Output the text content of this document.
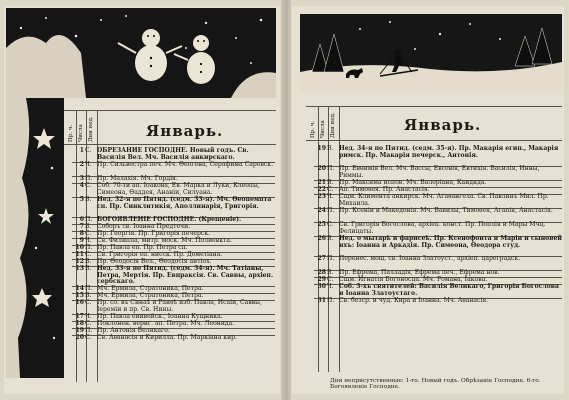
Январь.
Пр. ч. Числа Дни нед.
1 С. ОБРЕЗАНИЕ ГОСПОДНЕ. Новый годъ. Св. Василія Вел. Мч. Василія анкирскаго.
2 Ч. Пр. Сильвестра печ. Мч. Өеогена, Серафима Саровск.
3 П. Пр. Малахія. Мч. Гордія.
4 С. Соб. 70-ти ап. Іоакова, Ев. Марка и Луки, Клеопы, Симеона, Өаддея, Ананіи, Силуана.
5 В. Нед. 32-я по Пятид. (седм. 33-я). Мч. Өеопемпта сп. Пр. Синклитикія, Аполлинарія, Григорія.
6 П. БОГОЯВЛЕНІЕ ГОСПОДНЕ. (Крещеніе).
7 В. Соборъ св. Іоанна Предтечи.
8 С. Пр. Георгія. Пр. Григорія печерск.
9 Ч. Св. Филиппа, митр. моск. Мч. Полиевкта.
10 П. Пр. Павла еп. Пр. Петра сп.
11 С. Св. Григорія еп. нисск. Пр. Дометіана.
12 В. Пр. Өеодосія Вел., Өеодосія антіох.
13 В. Нед. 33-я по Пятид. (седм. 34-я). Мч. Татіаны, Петра, Мертія. Пр. Евпраксія. Св. Саввы, архіеп. сербскаго.
14 П. Мч. Ермила, Стратоника, Петра.
15 В. Мч. Ермила, Стратоника, Петра.
16 С. Пр. со. въ Синаѣ и Раиѳѣ изб. Павла, Исаіи, Саввы, Іереміи и пр. Св. Нины.
17 Ч. Пр. Павла еиивейск., Іоанна Кущника.
18 С. Поклонен. вериг. ап. Петра. Мч. Леонида.
19 П. Пр. Антонія Великаго.
20 С. Св. Аѳанасія и Кирилла. Пр. Маркіана кир.
Январь.
Пр. ч. Числа Дни нед.
19 В. Нед. 34-я по Пятид. (седм. 35-я). Пр. Макарія егип., Макарія римск. Пр. Макарія печерск., Антонія.
20 П. Пр. Евөимія Вел. Мч. Вассы, Евсевія, Евтихія. Василія, Инны, Риммы.
21 В. Пр. Максима испов. Мч. Валеріана, Кандида.
22 С. Ап. Тимоѳея. Пр. Анастасія.
23 Ч. Сщм. Климента анкирск. Мч. Агаѳангела. Св. Павлинъ Мил. Пр. Михаила.
24 П. Пр. Ксеніи и Македонія. Мч. Вавилы, Тимоѳея, Агапія, Анастасія.
25 С. Св. Григорія Богослова, архіеп. конст. Пр. Поплія и Мары Мчц. Фелицаты.
26 В. Нед. о мытарѣ и фарисеѣ. Пр. Ксенофонта и Маріи и сыновей ихъ: Іоанна и Аркадія. Пр. Симеона, Өеодора студ.
27 П. Перенес. мощ. св. Іоанна Златоуст., архіеп. цареградск.
28 В. Пр. Ефрема, Палладія, Ефрема печ., Ефрема нов.
29 С. Сщм. Игнатія Богоносца. Мч. Романа, Іакова.
30 Ч. Соб. 3-хъ святителей: Василія Великаго, Григорія Богослова и Іоанна Златоустаго.
31 П. Св. безср. и чуд. Кира и Іоанна. Мч. Аѳанасія.
Дни неприсутственные: 1-го. Новый годъ. Обрѣзаніе Господне. 6-го. Богоявленіе Господне.
